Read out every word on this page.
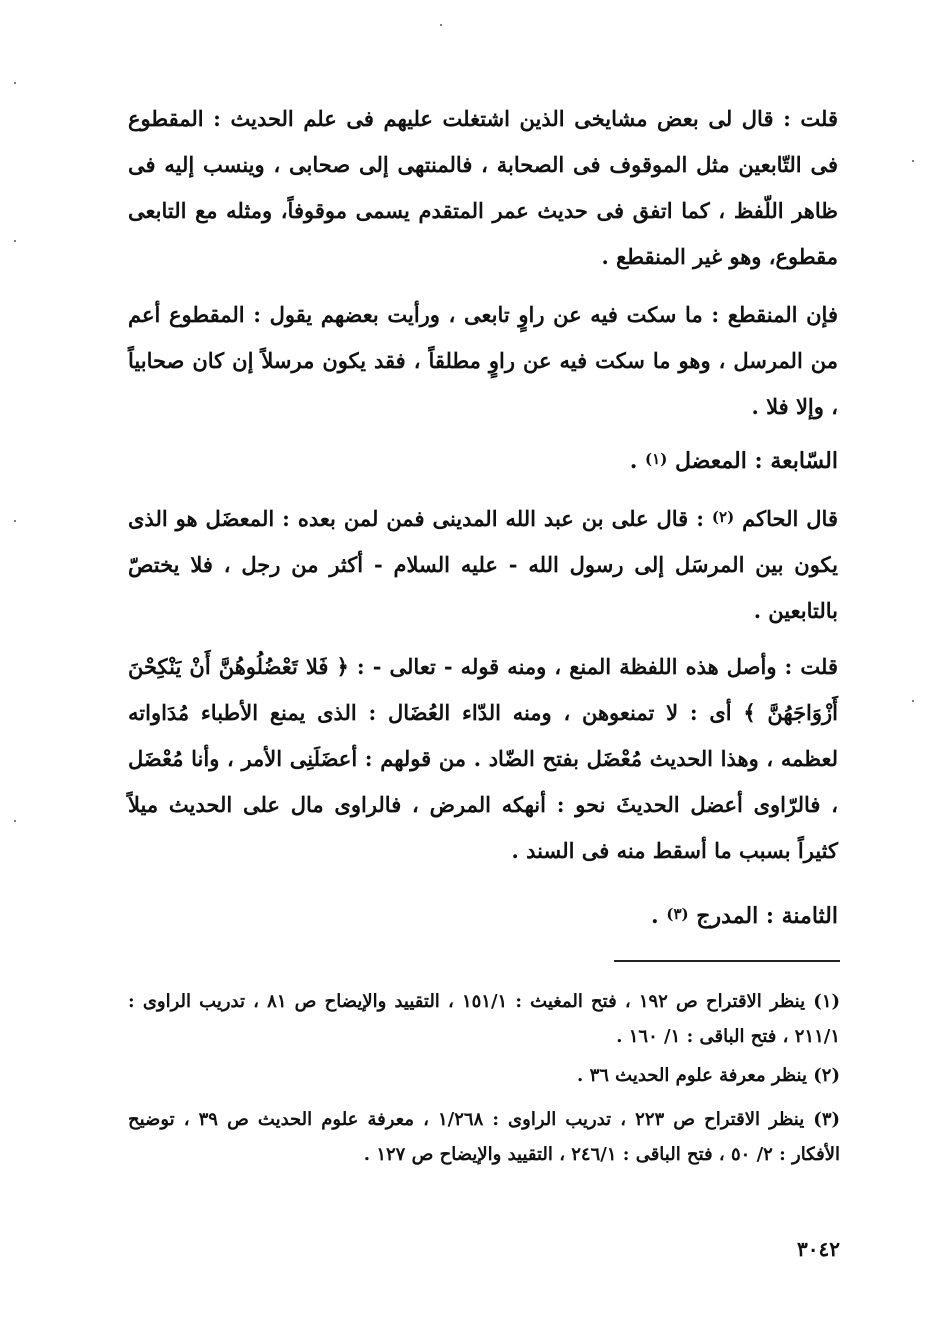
قلت : قال لى بعض مشايخى الذين اشتغلت عليهم فى علم الحديث : المقطوع فى التّابعين مثل الموقوف فى الصحابة ، فالمنتهى إلى صحابى ، وينسب إليه فى ظاهر اللّفظ ، كما اتفق فى حديث عمر المتقدم يسمى موقوفاً، ومثله مع التابعى مقطوع، وهو غير المنقطع .

فإن المنقطع : ما سكت فيه عن راوٍ تابعى ، ورأيت بعضهم يقول : المقطوع أعم من المرسل ، وهو ما سكت فيه عن راوٍ مطلقاً ، فقد يكون مرسلاً إن كان صحابياً ، وإلا فلا .

السّابعة : المعضل $^{(١)}$ .

قال الحاكم $^{(٢)}$ : قال على بن عبد الله المدينى فمن لمن بعده : المعضَل هو الذى يكون بين المرسَل إلى رسول الله - عليه السلام - أكثر من رجل ، فلا يختصّ بالتابعين .

قلت : وأصل هذه اللفظة المنع ، ومنه قوله - تعالى - : ﴿ فَلا تَعْضُلُوهُنَّ أَنْ يَنْكِحْنَ أَزْوَاجَهُنَّ ﴾ أى : لا تمنعوهن ، ومنه الدّاء العُضَال : الذى يمنع الأطباء مُدَاواته لعظمه ، وهذا الحديث مُعْضَل بفتح الضّاد . من قولهم : أعضَلَنِى الأمر ، وأنا مُعْضَل ، فالرّاوى أعضل الحديثَ نحو : أنهكه المرض ، فالراوى مال على الحديث ميلاً كثيراً بسبب ما أسقط منه فى السند .

الثامنة : المدرج $^{(٣)}$ .

(١) ينظر الاقتراح ص ١٩٢ ، فتح المغيث : ١٥١/١ ، التقييد والإيضاح ص ٨١ ، تدريب الراوى : ٢١١/١ ، فتح الباقى : ١/ ١٦٠ .

(٢) ينظر معرفة علوم الحديث ٣٦ .

(٣) ينظر الاقتراح ص ٢٢٣ ، تدريب الراوى : ١/٢٦٨ ، معرفة علوم الحديث ص ٣٩ ، توضيح الأفكار : ٢/ ٥٠ ، فتح الباقى : ٢٤٦/١ ، التقييد والإيضاح ص ١٢٧ .

٣٠٤٢
